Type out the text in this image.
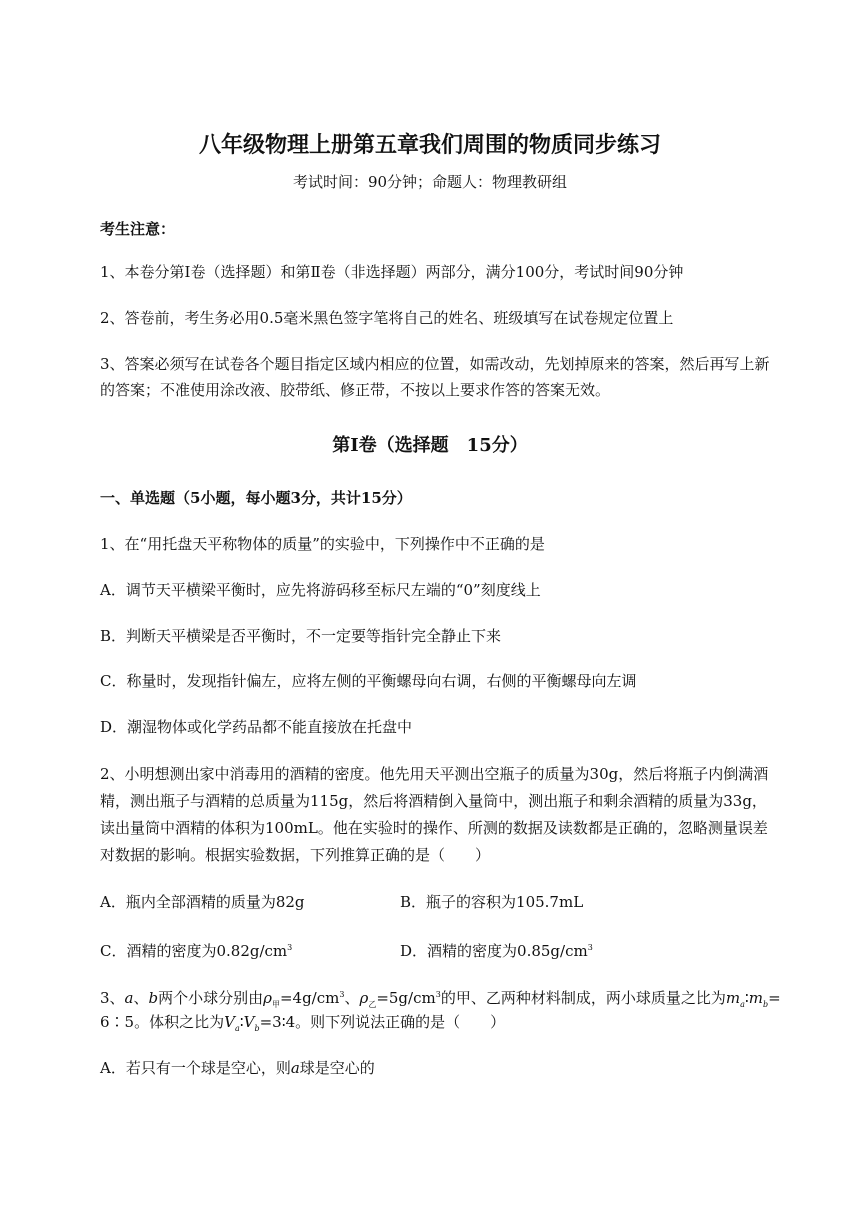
八年级物理上册第五章我们周围的物质同步练习
考试时间：90分钟；命题人：物理教研组
考生注意：
1、本卷分第Ⅰ卷（选择题）和第Ⅱ卷（非选择题）两部分，满分100分，考试时间90分钟
2、答卷前，考生务必用0.5毫米黑色签字笔将自己的姓名、班级填写在试卷规定位置上
3、答案必须写在试卷各个题目指定区域内相应的位置，如需改动，先划掉原来的答案，然后再写上新
的答案；不准使用涂改液、胶带纸、修正带，不按以上要求作答的答案无效。
第Ⅰ卷（选择题　15分）
一、单选题（5小题，每小题3分，共计15分）
1、在“用托盘天平称物体的质量”的实验中，下列操作中不正确的是
A．调节天平横梁平衡时，应先将游码移至标尺左端的“0”刻度线上
B．判断天平横梁是否平衡时，不一定要等指针完全静止下来
C．称量时，发现指针偏左，应将左侧的平衡螺母向右调，右侧的平衡螺母向左调
D．潮湿物体或化学药品都不能直接放在托盘中
2、小明想测出家中消毒用的酒精的密度。他先用天平测出空瓶子的质量为30g，然后将瓶子内倒满酒
精，测出瓶子与酒精的总质量为115g，然后将酒精倒入量筒中，测出瓶子和剩余酒精的质量为33g，
读出量筒中酒精的体积为100mL。他在实验时的操作、所测的数据及读数都是正确的，忽略测量误差
对数据的影响。根据实验数据，下列推算正确的是（　　）
A．瓶内全部酒精的质量为82g	B．瓶子的容积为105.7mL
C．酒精的密度为$0.82g/cm^3$	D．酒精的密度为$0.85g/cm^3$
3、a、b两个小球分别由$\rho_甲=4g/cm^3$、$\rho_乙=5g/cm^3$的甲、乙两种材料制成，两小球质量之比为$m_a∶m_b=$
6∶5。体积之比为$V_a∶V_b=3∶4$。则下列说法正确的是（　　）
A．若只有一个球是空心，则a球是空心的
